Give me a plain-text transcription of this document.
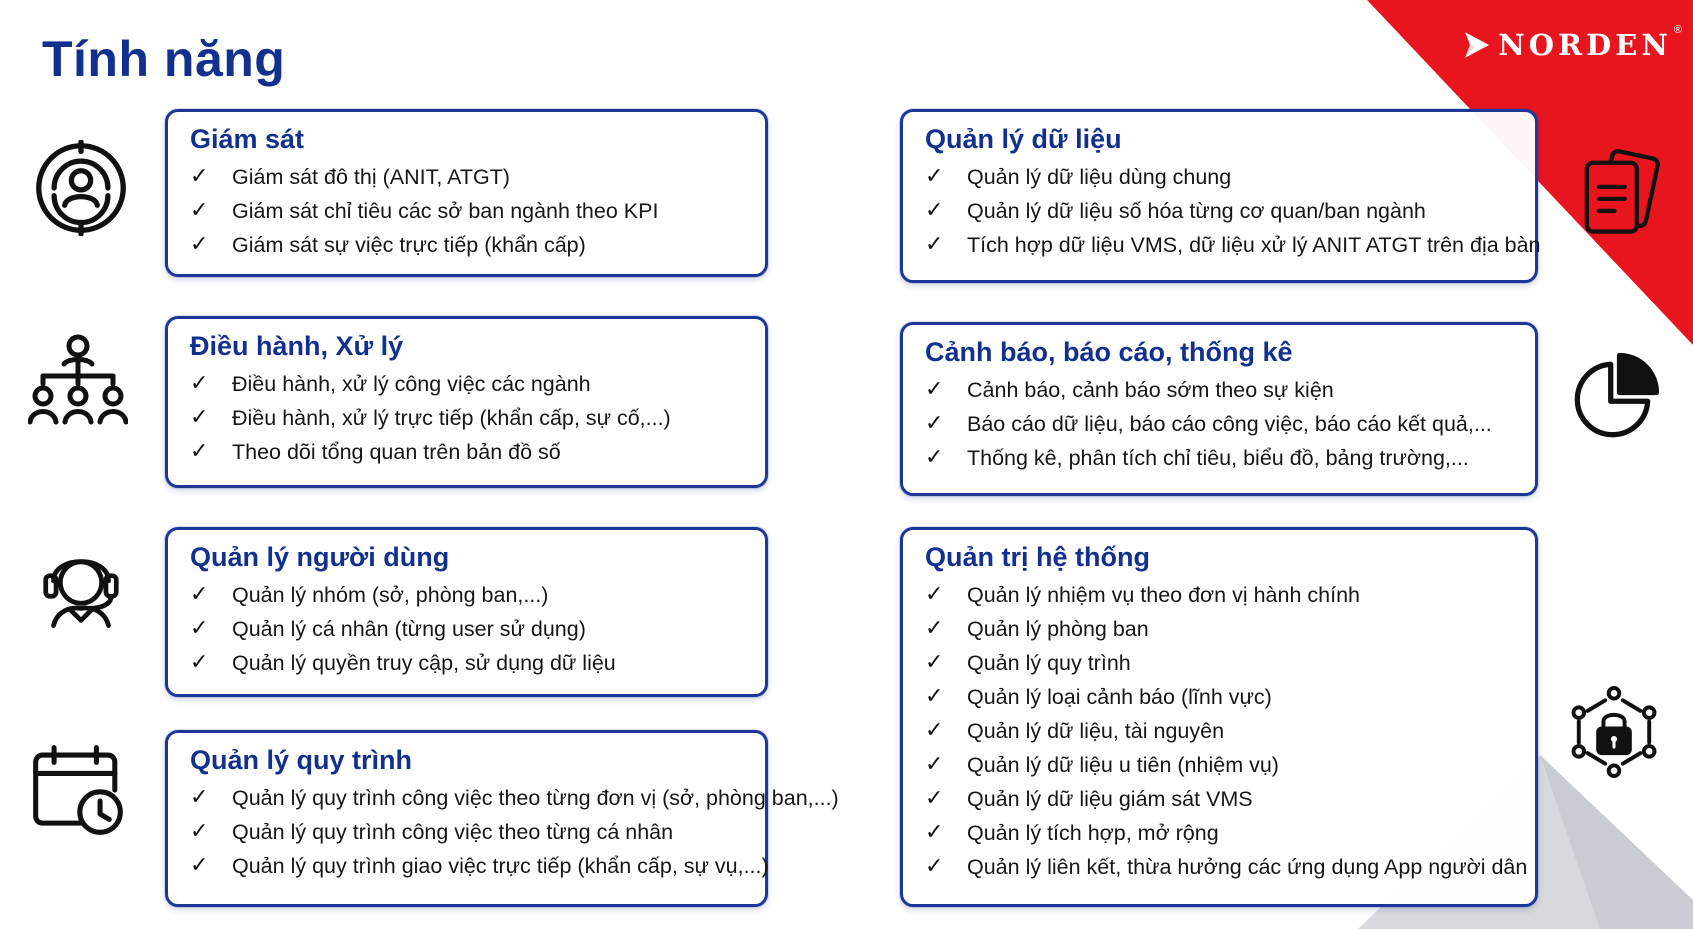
Tính năng	NORDEN ®
Giám sát
✓	Giám sát đô thị (ANIT, ATGT)
✓	Giám sát chỉ tiêu các sở ban ngành theo KPI
✓	Giám sát sự việc trực tiếp (khẩn cấp)
Điều hành, Xử lý
✓	Điều hành, xử lý công việc các ngành
✓	Điều hành, xử lý trực tiếp (khẩn cấp, sự cố,...)
✓	Theo dõi tổng quan trên bản đồ số
Quản lý người dùng
✓	Quản lý nhóm (sở, phòng ban,...)
✓	Quản lý cá nhân (từng user sử dụng)
✓	Quản lý quyền truy cập, sử dụng dữ liệu
Quản lý quy trình
✓	Quản lý quy trình công việc theo từng đơn vị (sở, phòng ban,...)
✓	Quản lý quy trình công việc theo từng cá nhân
✓	Quản lý quy trình giao việc trực tiếp (khẩn cấp, sự vụ,...)
Quản lý dữ liệu
✓	Quản lý dữ liệu dùng chung
✓	Quản lý dữ liệu số hóa từng cơ quan/ban ngành
✓	Tích hợp dữ liệu VMS, dữ liệu xử lý ANIT ATGT trên địa bàn
Cảnh báo, báo cáo, thống kê
✓	Cảnh báo, cảnh báo sớm theo sự kiện
✓	Báo cáo dữ liệu, báo cáo công việc, báo cáo kết quả,...
✓	Thống kê, phân tích chỉ tiêu, biểu đồ, bảng trường,...
Quản trị hệ thống
✓	Quản lý nhiệm vụ theo đơn vị hành chính
✓	Quản lý phòng ban
✓	Quản lý quy trình
✓	Quản lý loại cảnh báo (lĩnh vực)
✓	Quản lý dữ liệu, tài nguyên
✓	Quản lý dữ liệu u tiên (nhiệm vụ)
✓	Quản lý dữ liệu giám sát VMS
✓	Quản lý tích hợp, mở rộng
✓	Quản lý liên kết, thừa hưởng các ứng dụng App người dân
